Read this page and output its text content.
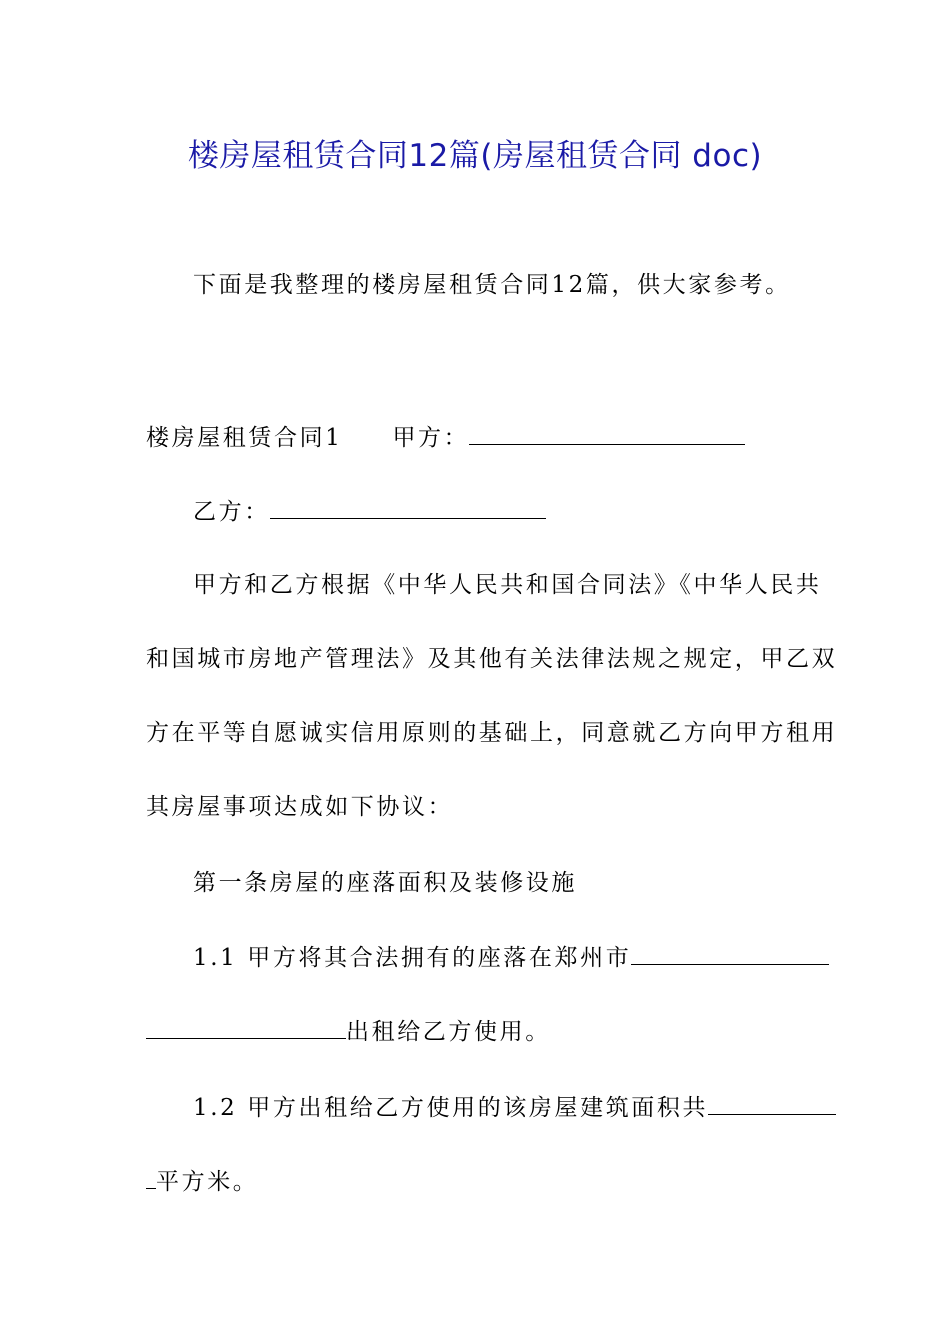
楼房屋租赁合同12篇(房屋租赁合同 doc)
下面是我整理的楼房屋租赁合同12篇，供大家参考。
楼房屋租赁合同1 甲方：
乙方：
甲方和乙方根据《中华人民共和国合同法》《中华人民共
和国城市房地产管理法》及其他有关法律法规之规定，甲乙双
方在平等自愿诚实信用原则的基础上，同意就乙方向甲方租用
其房屋事项达成如下协议：
第一条房屋的座落面积及装修设施
1.1 甲方将其合法拥有的座落在郑州市
出租给乙方使用。
1.2 甲方出租给乙方使用的该房屋建筑面积共
平方米。
